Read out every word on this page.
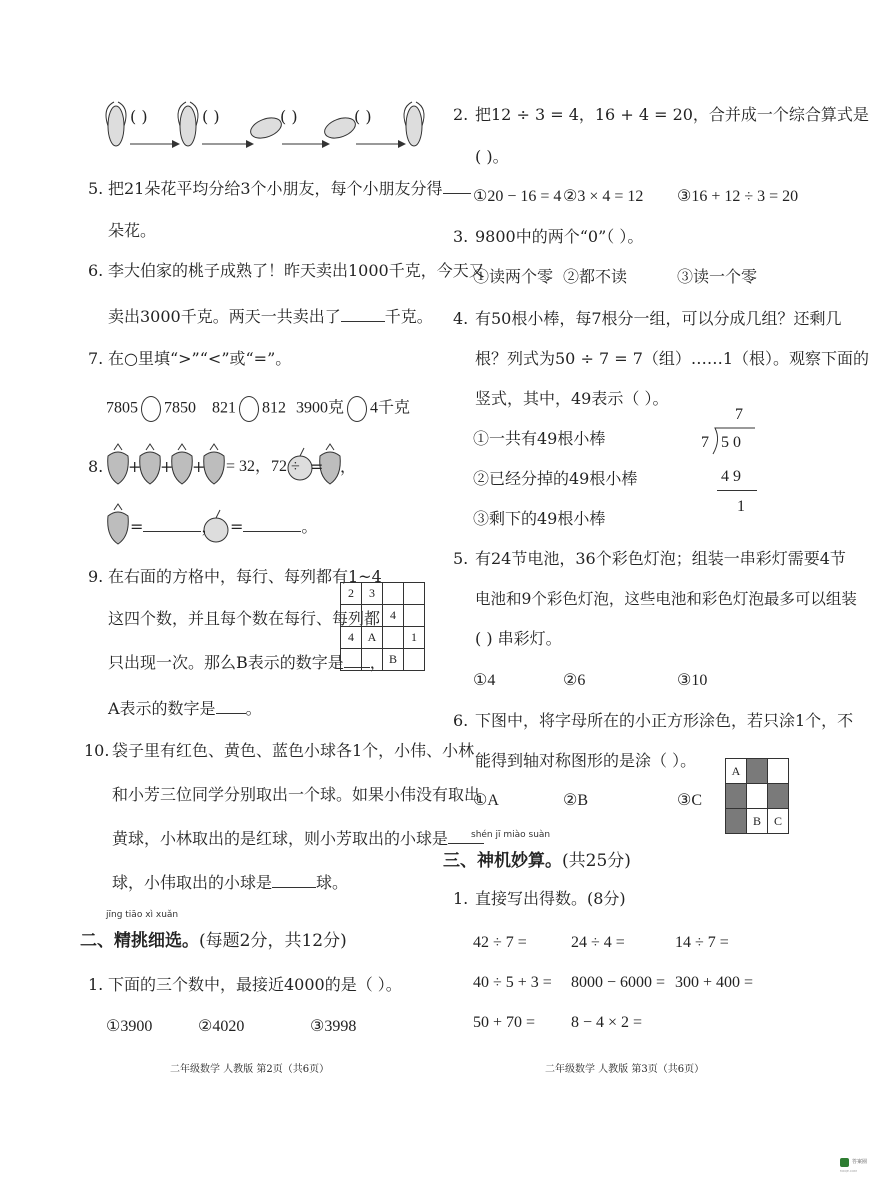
( )	( )	( )	( )
5. 把21朵花平均分给3个小朋友，每个小朋友分得
朵花。
6. 李大伯家的桃子成熟了！昨天卖出1000千克，今天又
卖出3000千克。两天一共卖出了	千克。
7. 在○里填“>”“<”或“=”。
7805 7850 821 812 3900克 4千克
8. + + + = 32，72 ÷ = ，
=	， =	。
9. 在右面的方格中，每行、每列都有1~4
这四个数，并且每个数在每行、每列都
只出现一次。那么B表示的数字是 ，
A表示的数字是 。
2	3		
		4	
4	A		1
		B	
10. 袋子里有红色、黄色、蓝色小球各1个，小伟、小林
和小芳三位同学分别取出一个球。如果小伟没有取出
黄球，小林取出的是红球，则小芳取出的小球是
球，小伟取出的小球是	球。
jīng tiāo xì xuǎn
二、精挑细选。(每题2分，共12分)
1. 下面的三个数中，最接近4000的是（ ）。
①3900	②4020	③3998
二年级数学 人教版 第2页（共6页）
2. 把12 ÷ 3 = 4，16 + 4 = 20，合并成一个综合算式是
( )。
①20 − 16 = 4 ②3 × 4 = 12 ③16 + 12 ÷ 3 = 20
3. 9800中的两个“0”（ ）。
①读两个零 ②都不读	③读一个零
4. 有50根小棒，每7根分一组，可以分成几组？还剩几
根？列式为50 ÷ 7 = 7（组）……1（根）。观察下面的
竖式，其中，49表示（ ）。
①一共有49根小棒
②已经分掉的49根小棒
③剩下的49根小棒
7
7 5 0
4 9
1
5. 有24节电池，36个彩色灯泡；组装一串彩灯需要4节
电池和9个彩色灯泡，这些电池和彩色灯泡最多可以组装
( ) 串彩灯。
①4	②6	③10
6. 下图中，将字母所在的小正方形涂色，若只涂1个，不
能得到轴对称图形的是涂（ ）。
①A	②B	③C
A		

	B	C
shén jī miào suàn
三、神机妙算。(共25分)
1. 直接写出得数。(8分)
42 ÷ 7 =	24 ÷ 4 =	14 ÷ 7 =
40 ÷ 5 + 3 = 8000 − 6000 = 300 + 400 =
50 + 70 = 8 − 4 × 2 =
二年级数学 人教版 第3页（共6页）
答案圈
MXQE.COM
